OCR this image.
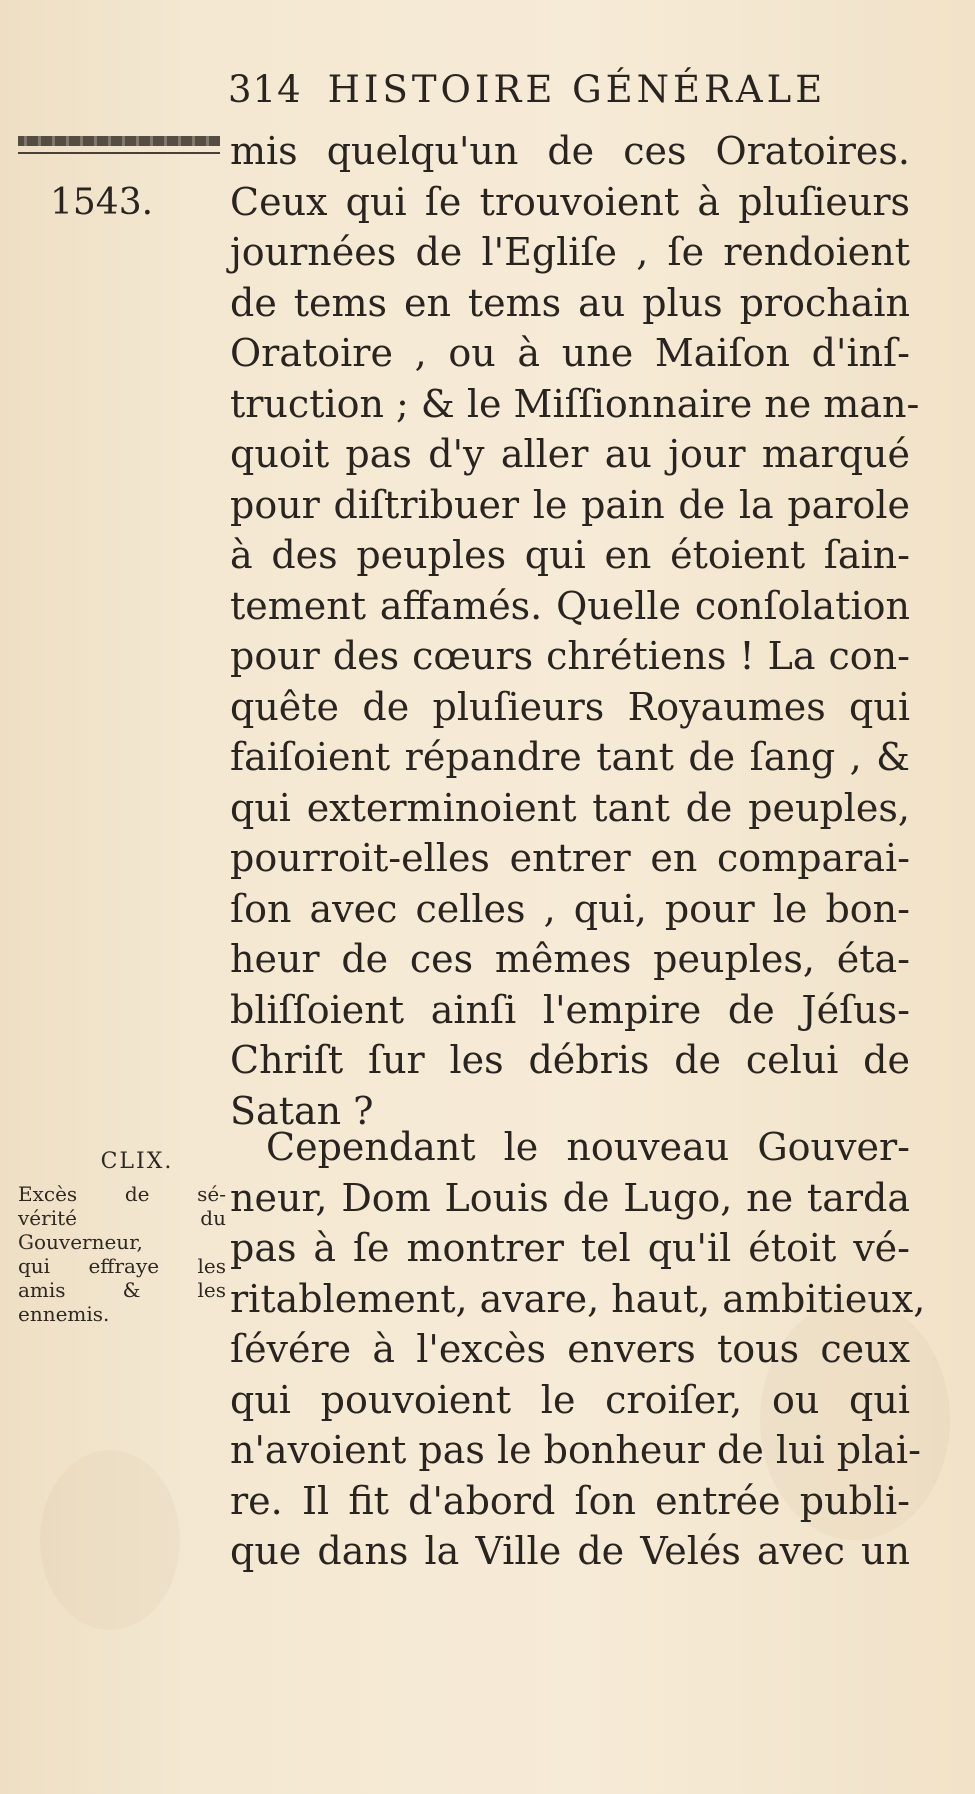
314 HISTOIRE GÉNÉRALE
1543.
mis quelqu'un de ces Oratoires.
Ceux qui ſe trouvoient à pluſieurs
journées de l'Egliſe , ſe rendoient
de tems en tems au plus prochain
Oratoire , ou à une Maiſon d'inſ-
truction ; & le Miſſionnaire ne man-
quoit pas d'y aller au jour marqué
pour diſtribuer le pain de la parole
à des peuples qui en étoient ſain-
tement affamés. Quelle conſolation
pour des cœurs chrétiens ! La con-
quête de pluſieurs Royaumes qui
faiſoient répandre tant de ſang , &
qui exterminoient tant de peuples,
pourroit-elles entrer en comparai-
ſon avec celles , qui, pour le bon-
heur de ces mêmes peuples, éta-
bliſſoient ainſi l'empire de Jéſus-
Chriſt ſur les débris de celui de
Satan ?
CLIX.
Excès de sé-
vérité du
Gouverneur,
qui effraye les
amis & les
ennemis.
Cependant le nouveau Gouver-
neur, Dom Louis de Lugo, ne tarda
pas à ſe montrer tel qu'il étoit vé-
ritablement, avare, haut, ambitieux,
ſévére à l'excès envers tous ceux
qui pouvoient le croiſer, ou qui
n'avoient pas le bonheur de lui plai-
re. Il fit d'abord ſon entrée publi-
que dans la Ville de Velés avec un
